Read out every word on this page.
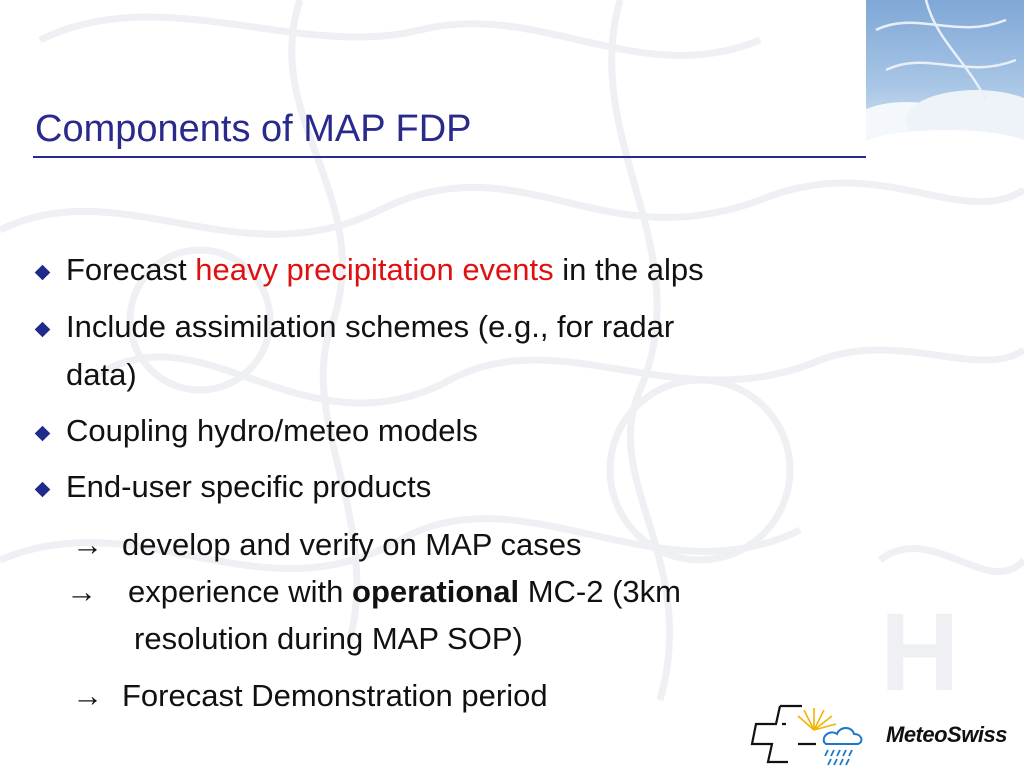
H
Components of MAP FDP
Forecast heavy precipitation events in the alps
Include assimilation schemes (e.g., for radar
data)
Coupling hydro/meteo models
End-user specific products
→ develop and verify on MAP cases
→ experience with operational MC-2 (3km
resolution during MAP SOP)
→ Forecast Demonstration period
MeteoSwiss
